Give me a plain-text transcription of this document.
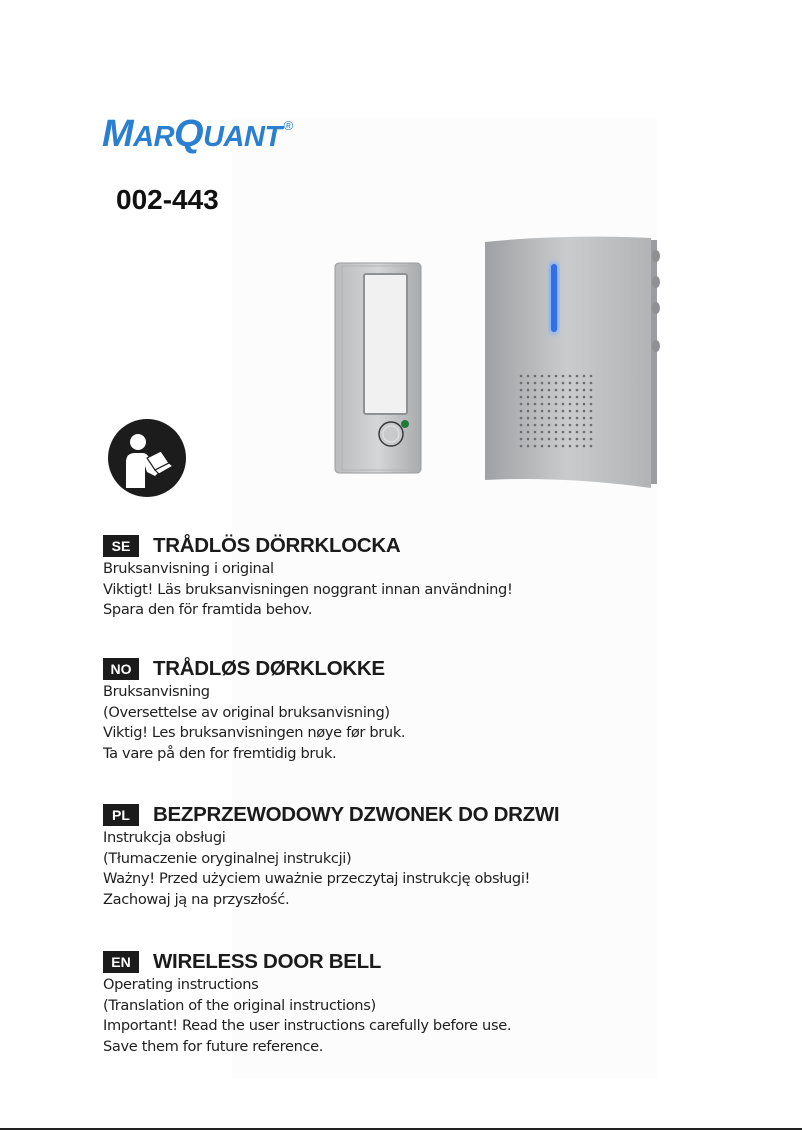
MARQUANT ®
002-443
SE	TRÅDLÖS DÖRRKLOCKA
Bruksanvisning i original
Viktigt! Läs bruksanvisningen noggrant innan användning!
Spara den för framtida behov.
NO	TRÅDLØS DØRKLOKKE
Bruksanvisning
(Oversettelse av original bruksanvisning)
Viktig! Les bruksanvisningen nøye før bruk.
Ta vare på den for fremtidig bruk.
PL	BEZPRZEWODOWY DZWONEK DO DRZWI
Instrukcja obsługi
(Tłumaczenie oryginalnej instrukcji)
Ważny! Przed użyciem uważnie przeczytaj instrukcję obsługi!
Zachowaj ją na przyszłość.
EN	WIRELESS DOOR BELL
Operating instructions
(Translation of the original instructions)
Important! Read the user instructions carefully before use.
Save them for future reference.
